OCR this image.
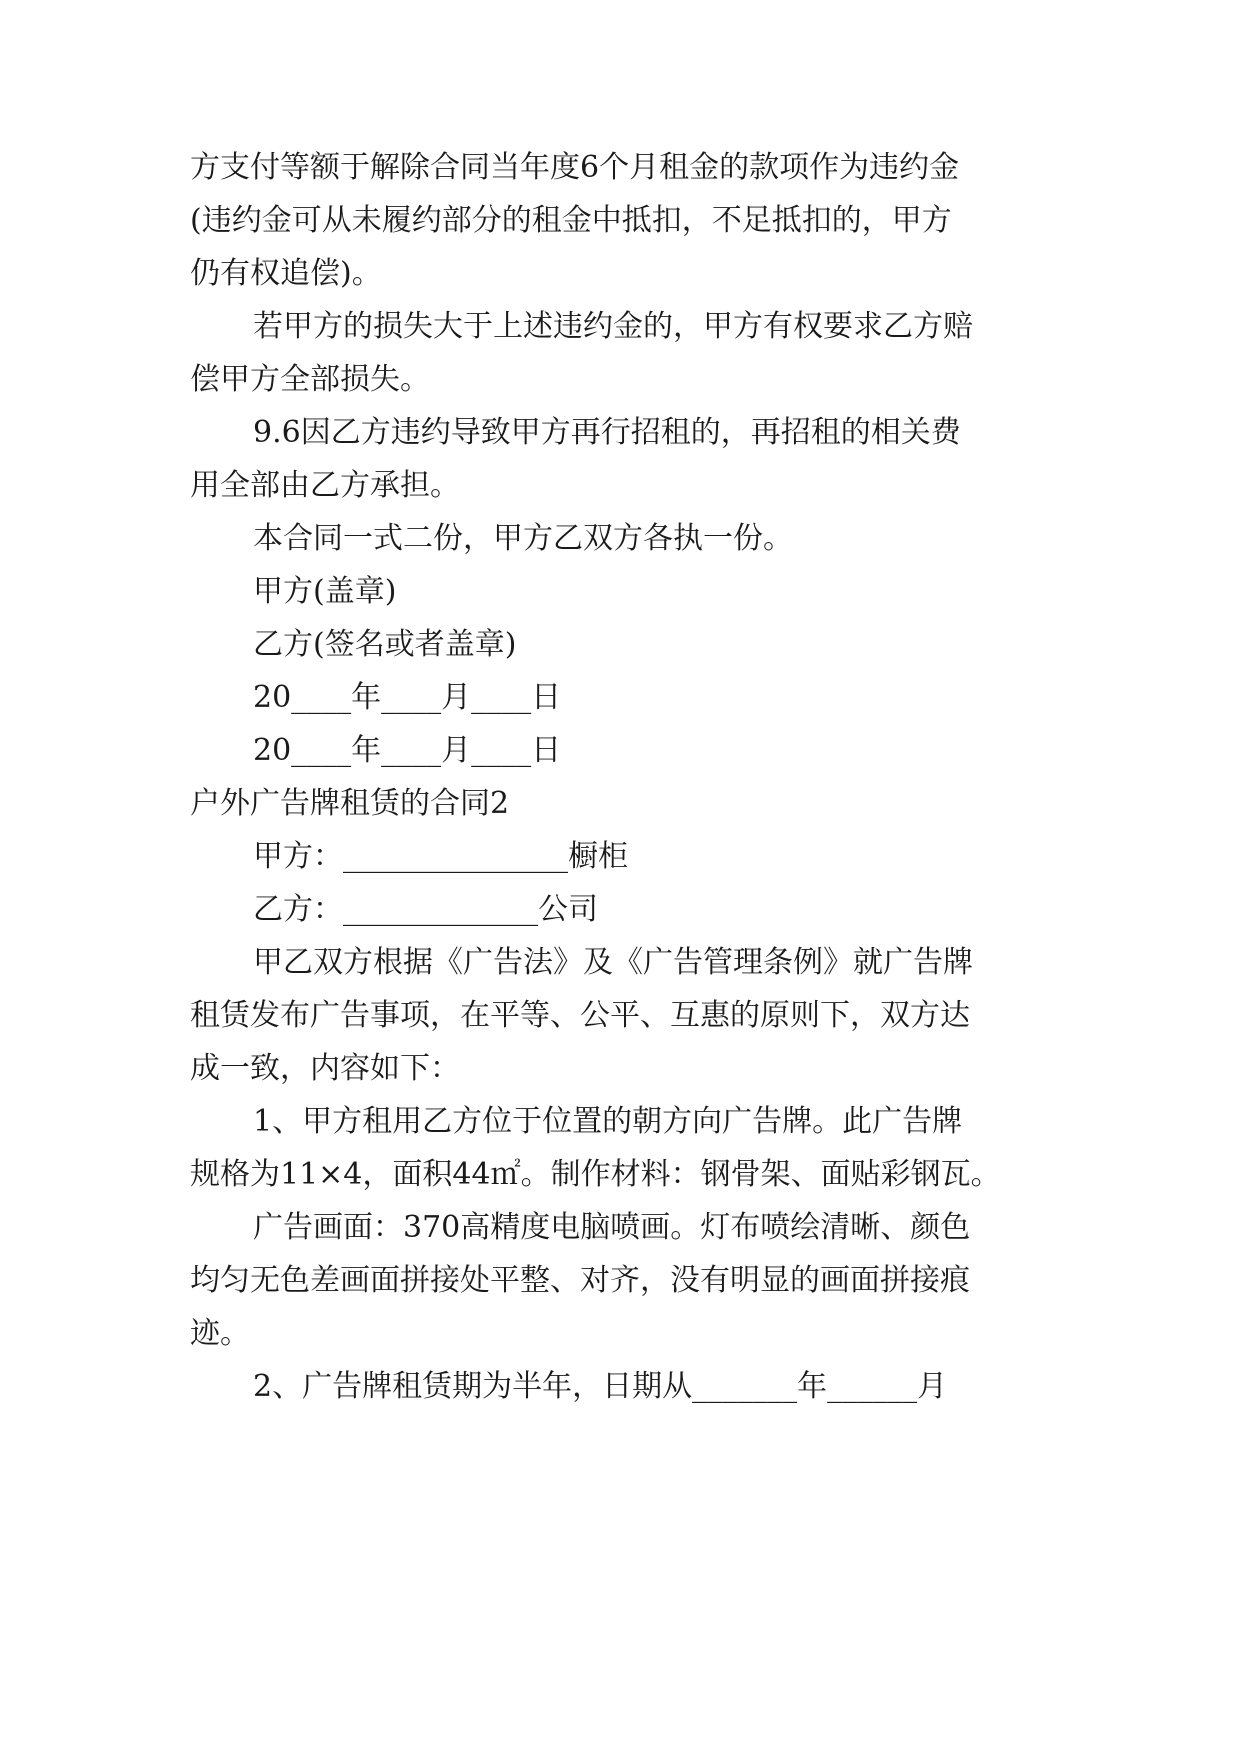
方支付等额于解除合同当年度6个月租金的款项作为违约金

(违约金可从未履约部分的租金中抵扣，不足抵扣的，甲方

仍有权追偿)。

若甲方的损失大于上述违约金的，甲方有权要求乙方赔

偿甲方全部损失。

9.6因乙方违约导致甲方再行招租的，再招租的相关费

用全部由乙方承担。

本合同一式二份，甲方乙双方各执一份。

甲方(盖章)

乙方(签名或者盖章)

20____年____月____日

20____年____月____日

户外广告牌租赁的合同2

甲方：_______________橱柜

乙方：_____________公司

甲乙双方根据《广告法》及《广告管理条例》就广告牌

租赁发布广告事项，在平等、公平、互惠的原则下，双方达

成一致，内容如下：

1、甲方租用乙方位于位置的朝方向广告牌。此广告牌

规格为11×4，面积44㎡。制作材料：钢骨架、面贴彩钢瓦。

广告画面：370高精度电脑喷画。灯布喷绘清晰、颜色

均匀无色差画面拼接处平整、对齐，没有明显的画面拼接痕

迹。

2、广告牌租赁期为半年，日期从_______年______月
